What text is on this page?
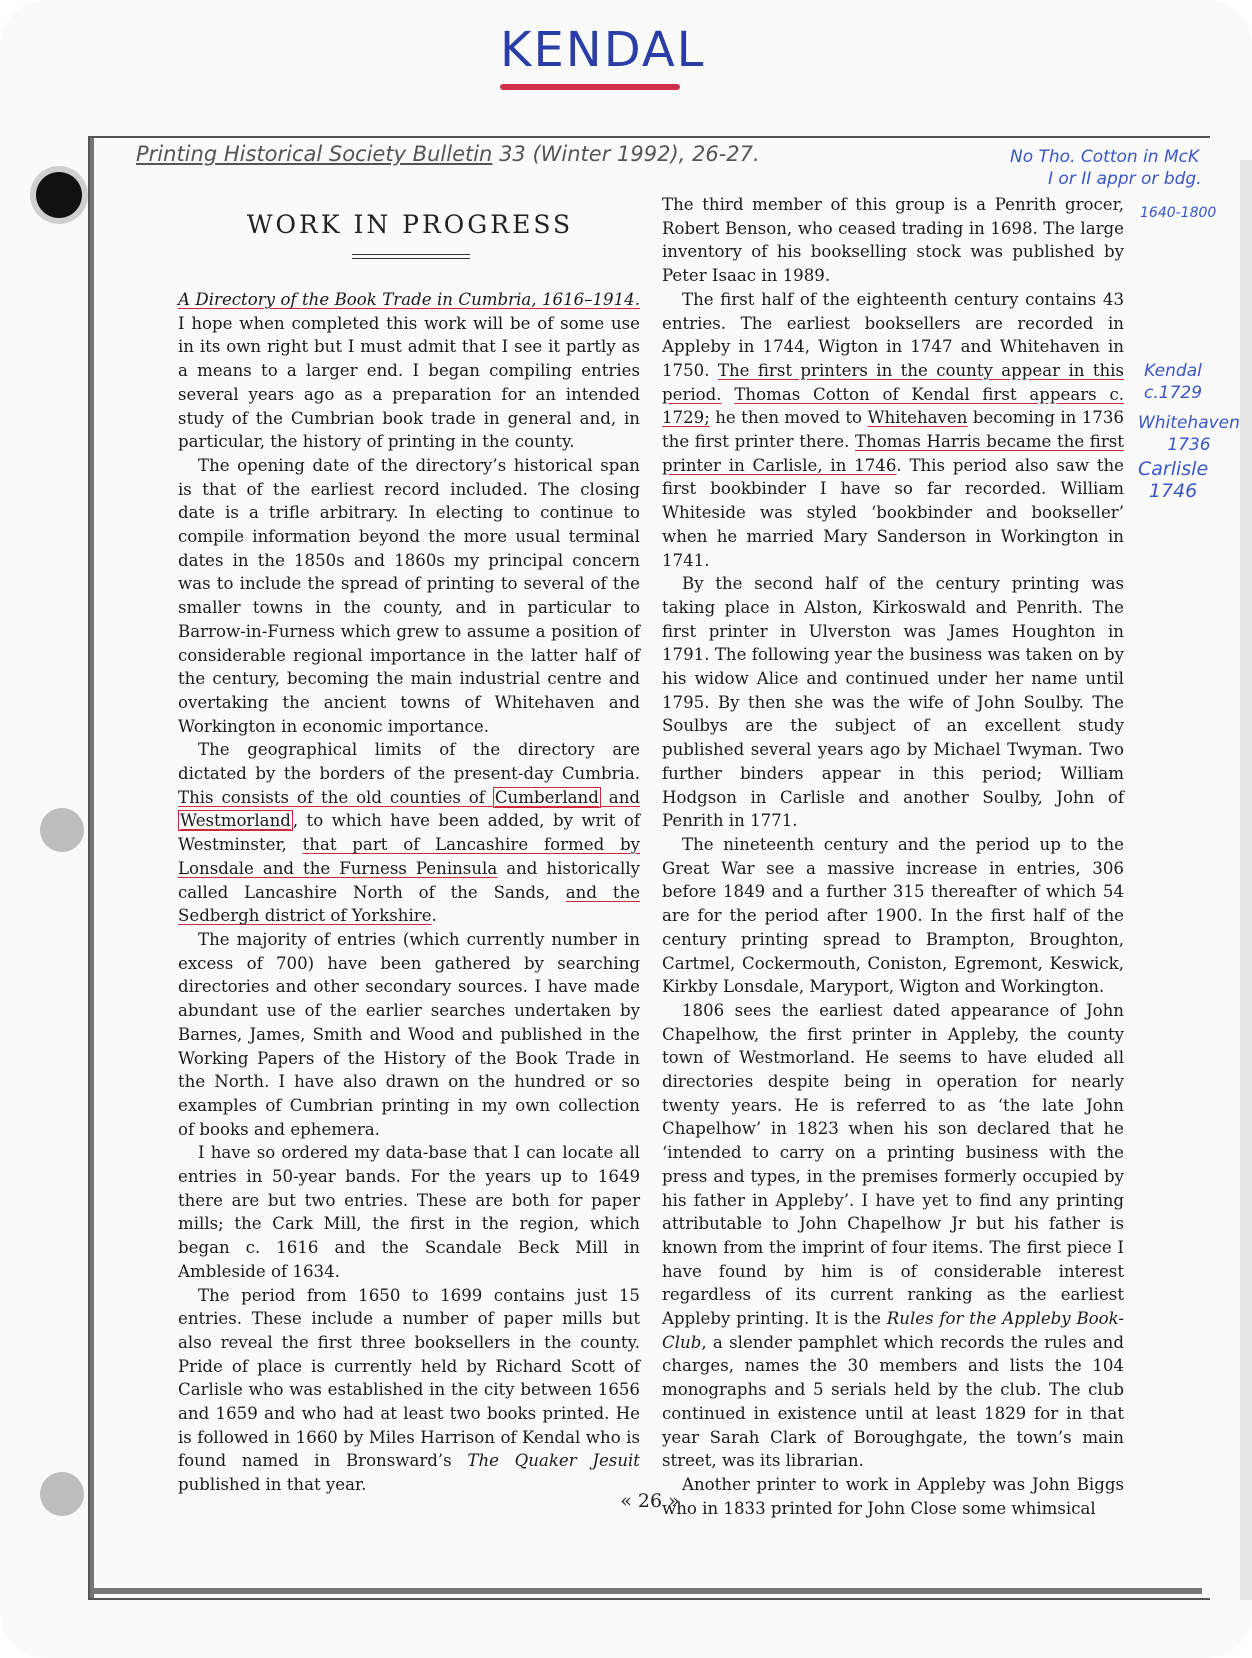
KENDAL
Printing Historical Society Bulletin 33 (Winter 1992), 26-27.	No Tho. Cotton in McK
I or II appr or bdg.
1640-1800
Kendal
c.1729
Whitehaven
1736
Carlisle
1746
WORK IN PROGRESS

A Directory of the Book Trade in Cumbria, 1616–1914. I hope when completed this work will be of some use in its own right but I must admit that I see it partly as a means to a larger end. I began compiling entries several years ago as a preparation for an intended study of the Cumbrian book trade in general and, in particular, the history of printing in the county.

The opening date of the directory’s historical span is that of the earliest record included. The closing date is a trifle arbitrary. In electing to continue to compile information beyond the more usual terminal dates in the 1850s and 1860s my principal concern was to include the spread of printing to several of the smaller towns in the county, and in particular to Barrow-in-Furness which grew to assume a position of considerable regional importance in the latter half of the century, becoming the main industrial centre and overtaking the ancient towns of Whitehaven and Workington in economic importance.

The geographical limits of the directory are dictated by the borders of the present-day Cumbria. This consists of the old counties of Cumberland and Westmorland , to which have been added, by writ of Westminster, that part of Lancashire formed by Lonsdale and the Furness Peninsula and historically called Lancashire North of the Sands, and the Sedbergh district of Yorkshire.

The majority of entries (which currently number in excess of 700) have been gathered by searching directories and other secondary sources. I have made abundant use of the earlier searches undertaken by Barnes, James, Smith and Wood and published in the Working Papers of the History of the Book Trade in the North. I have also drawn on the hundred or so examples of Cumbrian printing in my own collection of books and ephemera.

I have so ordered my data-base that I can locate all entries in 50-year bands. For the years up to 1649 there are but two entries. These are both for paper mills; the Cark Mill, the first in the region, which began c. 1616 and the Scandale Beck Mill in Ambleside of 1634.

The period from 1650 to 1699 contains just 15 entries. These include a number of paper mills but also reveal the first three booksellers in the county. Pride of place is currently held by Richard Scott of Carlisle who was established in the city between 1656 and 1659 and who had at least two books printed. He is followed in 1660 by Miles Harrison of Kendal who is found named in Bronsward’s The Quaker Jesuit published in that year.

The third member of this group is a Penrith grocer, Robert Benson, who ceased trading in 1698. The large inventory of his bookselling stock was published by Peter Isaac in 1989.

The first half of the eighteenth century contains 43 entries. The earliest booksellers are recorded in Appleby in 1744, Wigton in 1747 and Whitehaven in 1750. The first printers in the county appear in this period. Thomas Cotton of Kendal first appears c. 1729; he then moved to Whitehaven becoming in 1736 the first printer there. Thomas Harris became the first printer in Carlisle, in 1746. This period also saw the first bookbinder I have so far recorded. William Whiteside was styled ‘bookbinder and bookseller’ when he married Mary Sanderson in Workington in 1741.

By the second half of the century printing was taking place in Alston, Kirkoswald and Penrith. The first printer in Ulverston was James Houghton in 1791. The following year the business was taken on by his widow Alice and continued under her name until 1795. By then she was the wife of John Soulby. The Soulbys are the subject of an excellent study published several years ago by Michael Twyman. Two further binders appear in this period; William Hodgson in Carlisle and another Soulby, John of Penrith in 1771.

The nineteenth century and the period up to the Great War see a massive increase in entries, 306 before 1849 and a further 315 thereafter of which 54 are for the period after 1900. In the first half of the century printing spread to Brampton, Broughton, Cartmel, Cockermouth, Coniston, Egremont, Keswick, Kirkby Lonsdale, Maryport, Wigton and Workington.

1806 sees the earliest dated appearance of John Chapelhow, the first printer in Appleby, the county town of Westmorland. He seems to have eluded all directories despite being in operation for nearly twenty years. He is referred to as ‘the late John Chapelhow’ in 1823 when his son declared that he ‘intended to carry on a printing business with the press and types, in the premises formerly occupied by his father in Appleby’. I have yet to find any printing attributable to John Chapelhow Jr but his father is known from the imprint of four items. The first piece I have found by him is of considerable interest regardless of its current ranking as the earliest Appleby printing. It is the Rules for the Appleby Book-Club, a slender pamphlet which records the rules and charges, names the 30 members and lists the 104 monographs and 5 serials held by the club. The club continued in existence until at least 1829 for in that year Sarah Clark of Boroughgate, the town’s main street, was its librarian.

Another printer to work in Appleby was John Biggs who in 1833 printed for John Close some whimsical

« 26 »
